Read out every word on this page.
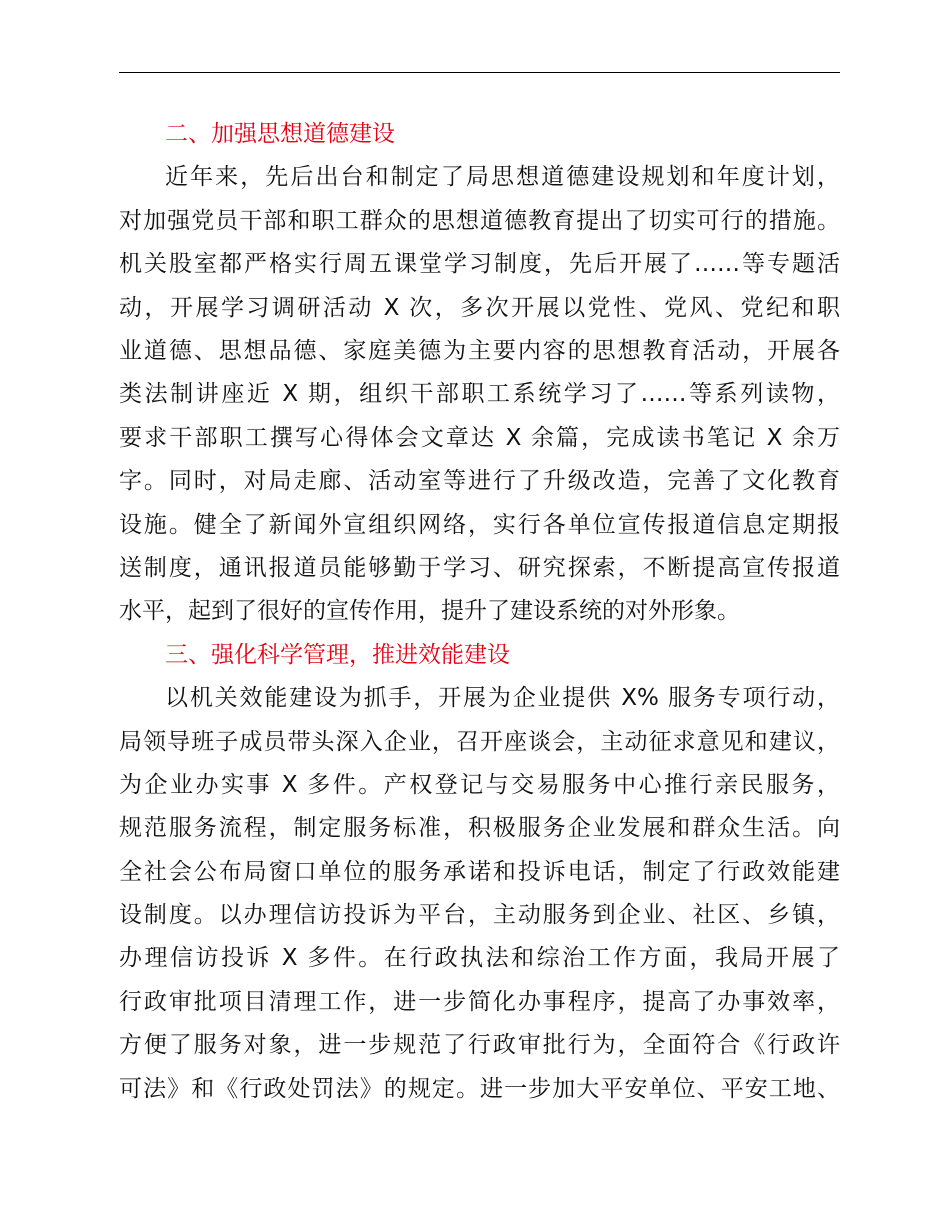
二、加强思想道德建设

近年来，先后出台和制定了局思想道德建设规划和年度计划，

对加强党员干部和职工群众的思想道德教育提出了切实可行的措施。

机关股室都严格实行周五课堂学习制度，先后开展了……等专题活

动，开展学习调研活动 X 次，多次开展以党性、党风、党纪和职

业道德、思想品德、家庭美德为主要内容的思想教育活动，开展各

类法制讲座近 X 期，组织干部职工系统学习了……等系列读物，

要求干部职工撰写心得体会文章达 X 余篇，完成读书笔记 X 余万

字。同时，对局走廊、活动室等进行了升级改造，完善了文化教育

设施。健全了新闻外宣组织网络，实行各单位宣传报道信息定期报

送制度，通讯报道员能够勤于学习、研究探索，不断提高宣传报道

水平，起到了很好的宣传作用，提升了建设系统的对外形象。

三、强化科学管理，推进效能建设

以机关效能建设为抓手，开展为企业提供 X% 服务专项行动，

局领导班子成员带头深入企业，召开座谈会，主动征求意见和建议，

为企业办实事 X 多件。产权登记与交易服务中心推行亲民服务，

规范服务流程，制定服务标准，积极服务企业发展和群众生活。向

全社会公布局窗口单位的服务承诺和投诉电话，制定了行政效能建

设制度。以办理信访投诉为平台，主动服务到企业、社区、乡镇，

办理信访投诉 X 多件。在行政执法和综治工作方面，我局开展了

行政审批项目清理工作，进一步简化办事程序，提高了办事效率，

方便了服务对象，进一步规范了行政审批行为，全面符合《行政许

可法》和《行政处罚法》的规定。进一步加大平安单位、平安工地、
